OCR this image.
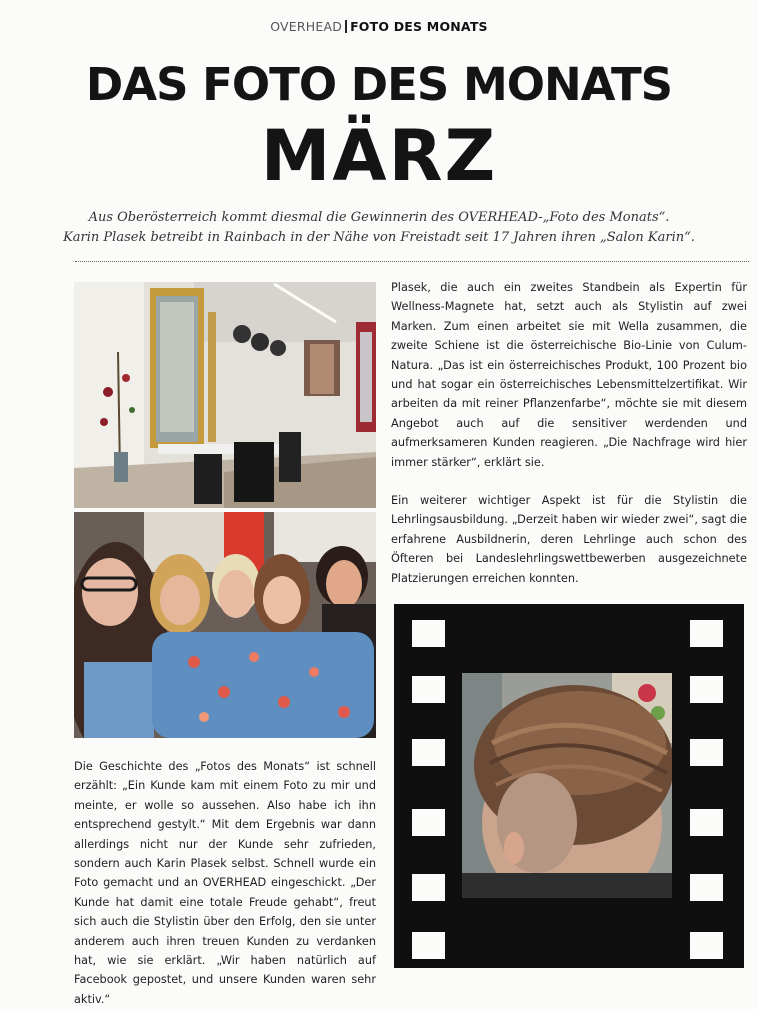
OVERHEAD FOTO DES MONATS
DAS FOTO DES MONATS
MÄRZ
Aus Oberösterreich kommt diesmal die Gewinnerin des OVERHEAD-„Foto des Monats“.
Karin Plasek betreibt in Rainbach in der Nähe von Freistadt seit 17 Jahren ihren „Salon Karin“.

Plasek, die auch ein zweites Standbein als Expertin für Wellness-Magnete hat, setzt auch als Stylistin auf zwei Marken. Zum einen arbeitet sie mit Wella zusammen, die zweite Schiene ist die österreichische Bio-Linie von Culum-Natura. „Das ist ein österreichisches Produkt, 100 Prozent bio und hat sogar ein österreichisches Lebensmittelzertifikat. Wir arbeiten da mit reiner Pflanzenfarbe“, möchte sie mit diesem Angebot auch auf die sensitiver werdenden und aufmerksameren Kunden reagieren. „Die Nachfrage wird hier immer stärker“, erklärt sie.

Ein weiterer wichtiger Aspekt ist für die Stylistin die Lehrlingsausbildung. „Derzeit haben wir wieder zwei“, sagt die erfahrene Ausbildnerin, deren Lehrlinge auch schon des Öfteren bei Landeslehrlingswettbewerben ausgezeichnete Platzierungen erreichen konnten.

Die Geschichte des „Fotos des Monats“ ist schnell erzählt: „Ein Kunde kam mit einem Foto zu mir und meinte, er wolle so aussehen. Also habe ich ihn entsprechend gestylt.“ Mit dem Ergebnis war dann allerdings nicht nur der Kunde sehr zufrieden, sondern auch Karin Plasek selbst. Schnell wurde ein Foto gemacht und an OVERHEAD eingeschickt. „Der Kunde hat damit eine totale Freude gehabt“, freut sich auch die Stylistin über den Erfolg, den sie unter anderem auch ihren treuen Kunden zu verdanken hat, wie sie erklärt. „Wir haben natürlich auf Facebook gepostet, und unsere Kunden waren sehr aktiv.“
